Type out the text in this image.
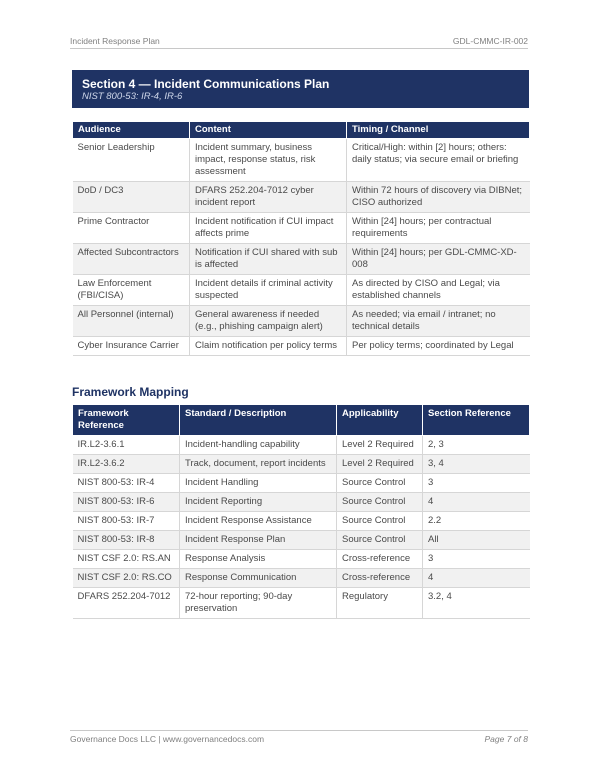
Incident Response Plan	GDL-CMMC-IR-002
Section 4 — Incident Communications Plan
NIST 800-53: IR-4, IR-6
Audience	Content	Timing / Channel
Senior Leadership	Incident summary, business impact, response status, risk assessment	Critical/High: within [2] hours; others: daily status; via secure email or briefing
DoD / DC3	DFARS 252.204-7012 cyber incident report	Within 72 hours of discovery via DIBNet; CISO authorized
Prime Contractor	Incident notification if CUI impact affects prime	Within [24] hours; per contractual requirements
Affected Subcontractors	Notification if CUI shared with sub is affected	Within [24] hours; per GDL-CMMC-XD-008
Law Enforcement (FBI/CISA)	Incident details if criminal activity suspected	As directed by CISO and Legal; via established channels
All Personnel (internal)	General awareness if needed (e.g., phishing campaign alert)	As needed; via email / intranet; no technical details
Cyber Insurance Carrier	Claim notification per policy terms	Per policy terms; coordinated by Legal
Framework Mapping
Framework Reference	Standard / Description	Applicability	Section Reference
IR.L2-3.6.1	Incident-handling capability	Level 2 Required	2, 3
IR.L2-3.6.2	Track, document, report incidents	Level 2 Required	3, 4
NIST 800-53: IR-4	Incident Handling	Source Control	3
NIST 800-53: IR-6	Incident Reporting	Source Control	4
NIST 800-53: IR-7	Incident Response Assistance	Source Control	2.2
NIST 800-53: IR-8	Incident Response Plan	Source Control	All
NIST CSF 2.0: RS.AN	Response Analysis	Cross-reference	3
NIST CSF 2.0: RS.CO	Response Communication	Cross-reference	4
DFARS 252.204-7012	72-hour reporting; 90-day preservation	Regulatory	3.2, 4
Governance Docs LLC | www.governancedocs.com	Page 7 of 8
